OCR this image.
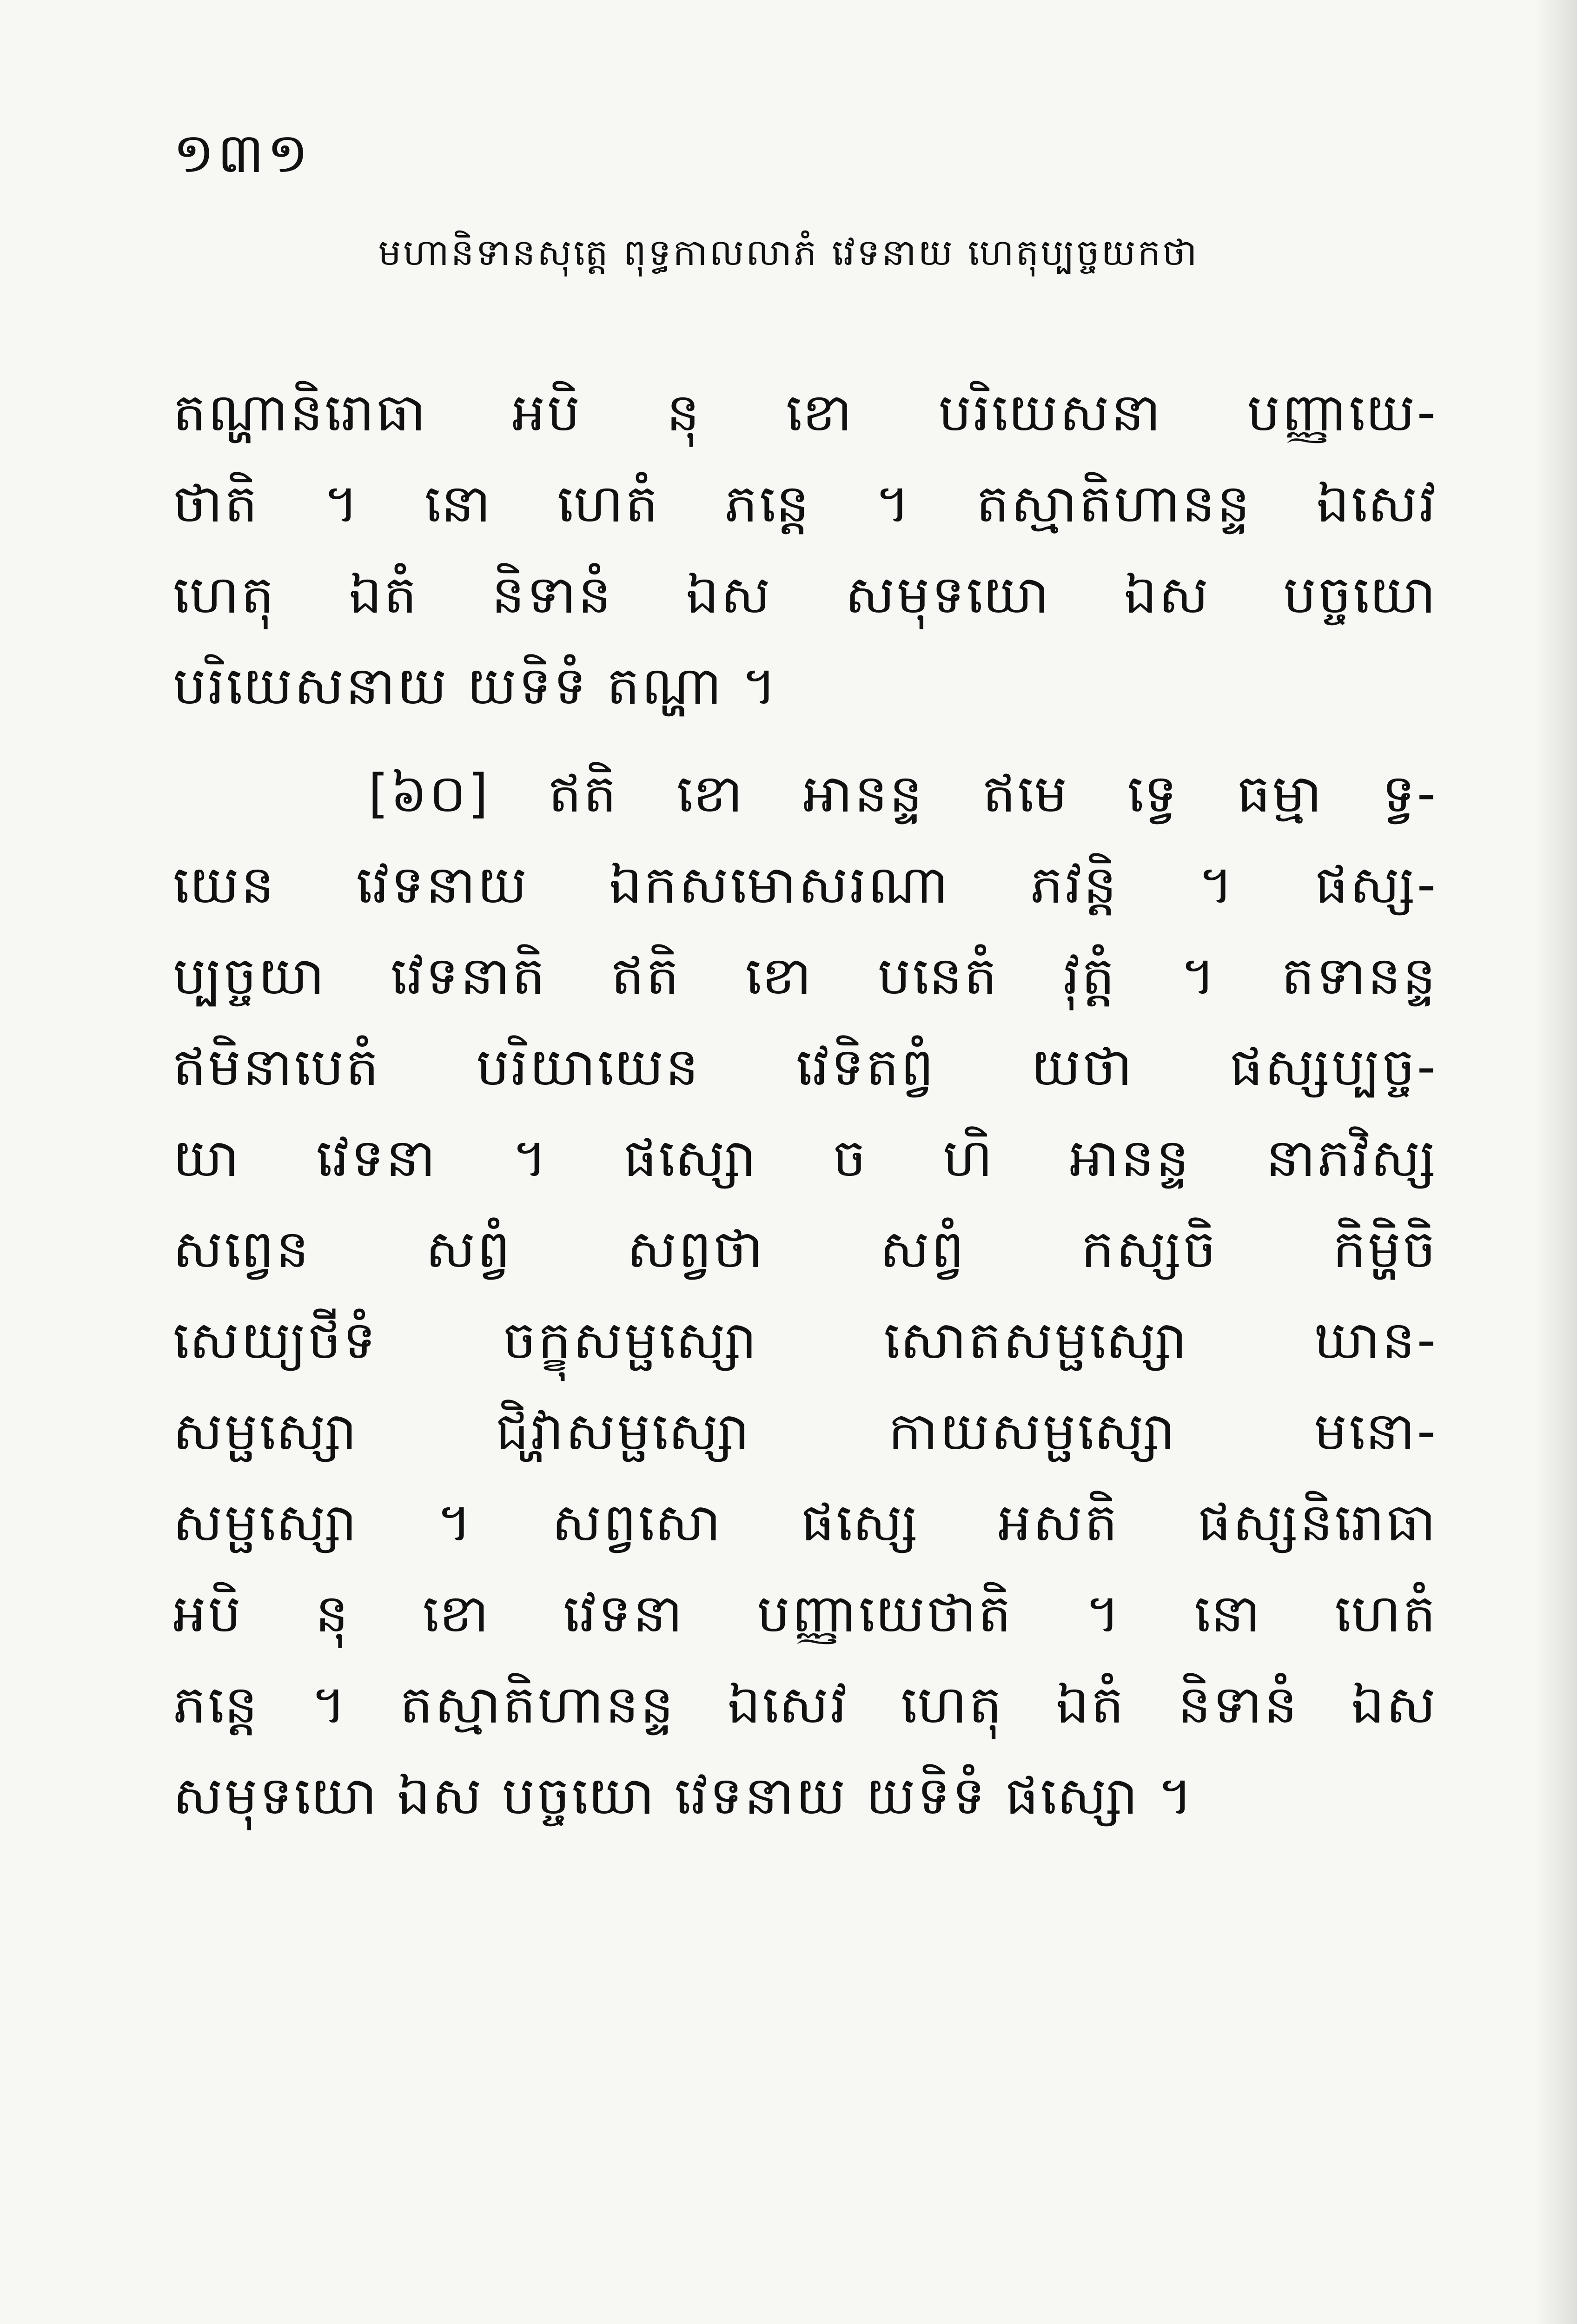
១៣១
មហានិទានសុត្តេ ពុទ្ធកាលលាភំ វេទនាយ ហេតុប្បច្ចយកថា
តណ្ហានិរោធា អបិ នុ ខោ បរិយេសនា បញ្ញាយេ-
ថាតិ ។ នោ ហេតំ ភន្តេ ។ តស្មាតិហានន្ទ ឯសេវ
ហេតុ ឯតំ និទានំ ឯស សមុទយោ ឯស បច្ចយោ
បរិយេសនាយ យទិទំ តណ្ហា ។
[៦០] ឥតិ ខោ អានន្ទ ឥមេ ទ្វេ ធម្មា ទ្វ-
យេន វេទនាយ ឯកសមោសរណា ភវន្តិ ។ ផស្ស-
ប្បច្ចយា វេទនាតិ ឥតិ ខោ បនេតំ វុត្តំ ។ តទានន្ទ
ឥមិនាបេតំ បរិយាយេន វេទិតព្វំ យថា ផស្សប្បច្ច-
យា វេទនា ។ ផស្សោ ច ហិ អានន្ទ នាភវិស្ស
សព្វេន សព្វំ សព្វថា សព្វំ កស្សចិ កិម្ហិចិ
សេយ្យថីទំ ចក្ខុសម្ផស្សោ សោតសម្ផស្សោ ឃាន-
សម្ផស្សោ ជិវ្ហាសម្ផស្សោ កាយសម្ផស្សោ មនោ-
សម្ផស្សោ ។ សព្វសោ ផស្សេ អសតិ ផស្សនិរោធា
អបិ នុ ខោ វេទនា បញ្ញាយេថាតិ ។ នោ ហេតំ
ភន្តេ ។ តស្មាតិហានន្ទ ឯសេវ ហេតុ ឯតំ និទានំ ឯស
សមុទយោ ឯស បច្ចយោ វេទនាយ យទិទំ ផស្សោ ។
